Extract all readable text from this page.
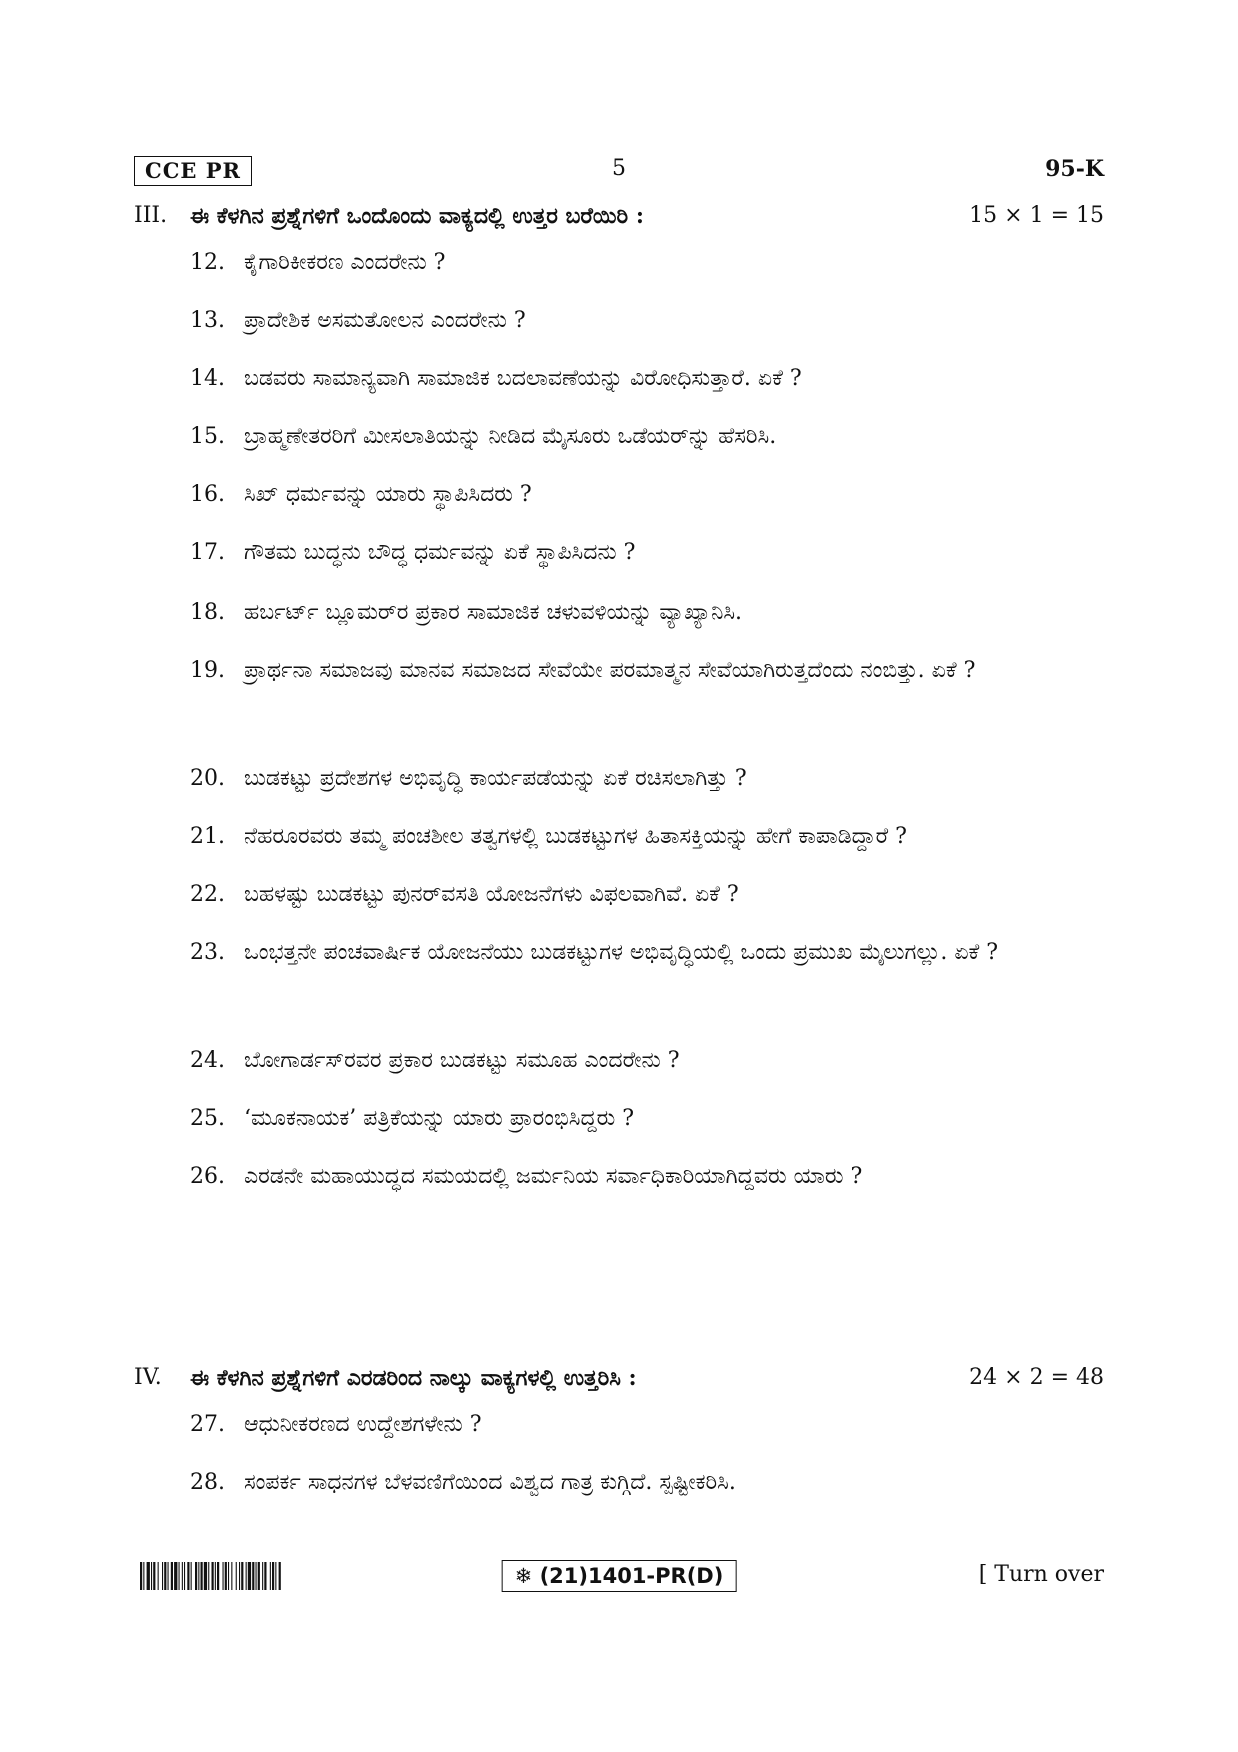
CCE PR	5	95-K
III. ಈ ಕೆಳಗಿನ ಪ್ರಶ್ನೆಗಳಿಗೆ ಒಂದೊಂದು ವಾಕ್ಯದಲ್ಲಿ ಉತ್ತರ ಬರೆಯಿರಿ :	15 × 1 = 15
12. ಕೈಗಾರಿಕೀಕರಣ ಎಂದರೇನು ?
13. ಪ್ರಾದೇಶಿಕ ಅಸಮತೋಲನ ಎಂದರೇನು ?
14. ಬಡವರು ಸಾಮಾನ್ಯವಾಗಿ ಸಾಮಾಜಿಕ ಬದಲಾವಣೆಯನ್ನು ವಿರೋಧಿಸುತ್ತಾರೆ. ಏಕೆ ?
15. ಬ್ರಾಹ್ಮಣೇತರರಿಗೆ ಮೀಸಲಾತಿಯನ್ನು ನೀಡಿದ ಮೈಸೂರು ಒಡೆಯರ್‌ನ್ನು ಹೆಸರಿಸಿ.
16. ಸಿಖ್ ಧರ್ಮವನ್ನು ಯಾರು ಸ್ಥಾಪಿಸಿದರು ?
17. ಗೌತಮ ಬುದ್ಧನು ಬೌದ್ಧ ಧರ್ಮವನ್ನು ಏಕೆ ಸ್ಥಾಪಿಸಿದನು ?
18. ಹರ್ಬರ್ಟ್ ಬ್ಲೂಮರ್‌ರ ಪ್ರಕಾರ ಸಾಮಾಜಿಕ ಚಳುವಳಿಯನ್ನು ವ್ಯಾಖ್ಯಾನಿಸಿ.
19. ಪ್ರಾರ್ಥನಾ ಸಮಾಜವು ಮಾನವ ಸಮಾಜದ ಸೇವೆಯೇ ಪರಮಾತ್ಮನ ಸೇವೆಯಾಗಿರುತ್ತದೆಂದು ನಂಬಿತ್ತು. ಏಕೆ ?
20. ಬುಡಕಟ್ಟು ಪ್ರದೇಶಗಳ ಅಭಿವೃದ್ಧಿ ಕಾರ್ಯಪಡೆಯನ್ನು ಏಕೆ ರಚಿಸಲಾಗಿತ್ತು ?
21. ನೆಹರೂರವರು ತಮ್ಮ ಪಂಚಶೀಲ ತತ್ವಗಳಲ್ಲಿ ಬುಡಕಟ್ಟುಗಳ ಹಿತಾಸಕ್ತಿಯನ್ನು ಹೇಗೆ ಕಾಪಾಡಿದ್ದಾರೆ ?
22. ಬಹಳಷ್ಟು ಬುಡಕಟ್ಟು ಪುನರ್‌ವಸತಿ ಯೋಜನೆಗಳು ವಿಫಲವಾಗಿವೆ. ಏಕೆ ?
23. ಒಂಭತ್ತನೇ ಪಂಚವಾರ್ಷಿಕ ಯೋಜನೆಯು ಬುಡಕಟ್ಟುಗಳ ಅಭಿವೃದ್ಧಿಯಲ್ಲಿ ಒಂದು ಪ್ರಮುಖ ಮೈಲುಗಲ್ಲು. ಏಕೆ ?
24. ಬೋಗಾರ್ಡಸ್‌ರವರ ಪ್ರಕಾರ ಬುಡಕಟ್ಟು ಸಮೂಹ ಎಂದರೇನು ?
25. ‘ಮೂಕನಾಯಕ’ ಪತ್ರಿಕೆಯನ್ನು ಯಾರು ಪ್ರಾರಂಭಿಸಿದ್ದರು ?
26. ಎರಡನೇ ಮಹಾಯುದ್ಧದ ಸಮಯದಲ್ಲಿ ಜರ್ಮನಿಯ ಸರ್ವಾಧಿಕಾರಿಯಾಗಿದ್ದವರು ಯಾರು ?
IV. ಈ ಕೆಳಗಿನ ಪ್ರಶ್ನೆಗಳಿಗೆ ಎರಡರಿಂದ ನಾಲ್ಕು ವಾಕ್ಯಗಳಲ್ಲಿ ಉತ್ತರಿಸಿ :	24 × 2 = 48
27. ಆಧುನೀಕರಣದ ಉದ್ದೇಶಗಳೇನು ?
28. ಸಂಪರ್ಕ ಸಾಧನಗಳ ಬೆಳವಣಿಗೆಯಿಂದ ವಿಶ್ವದ ಗಾತ್ರ ಕುಗ್ಗಿದೆ. ಸ್ಪಷ್ಟೀಕರಿಸಿ.
❄ (21)1401-PR(D)	[ Turn over
